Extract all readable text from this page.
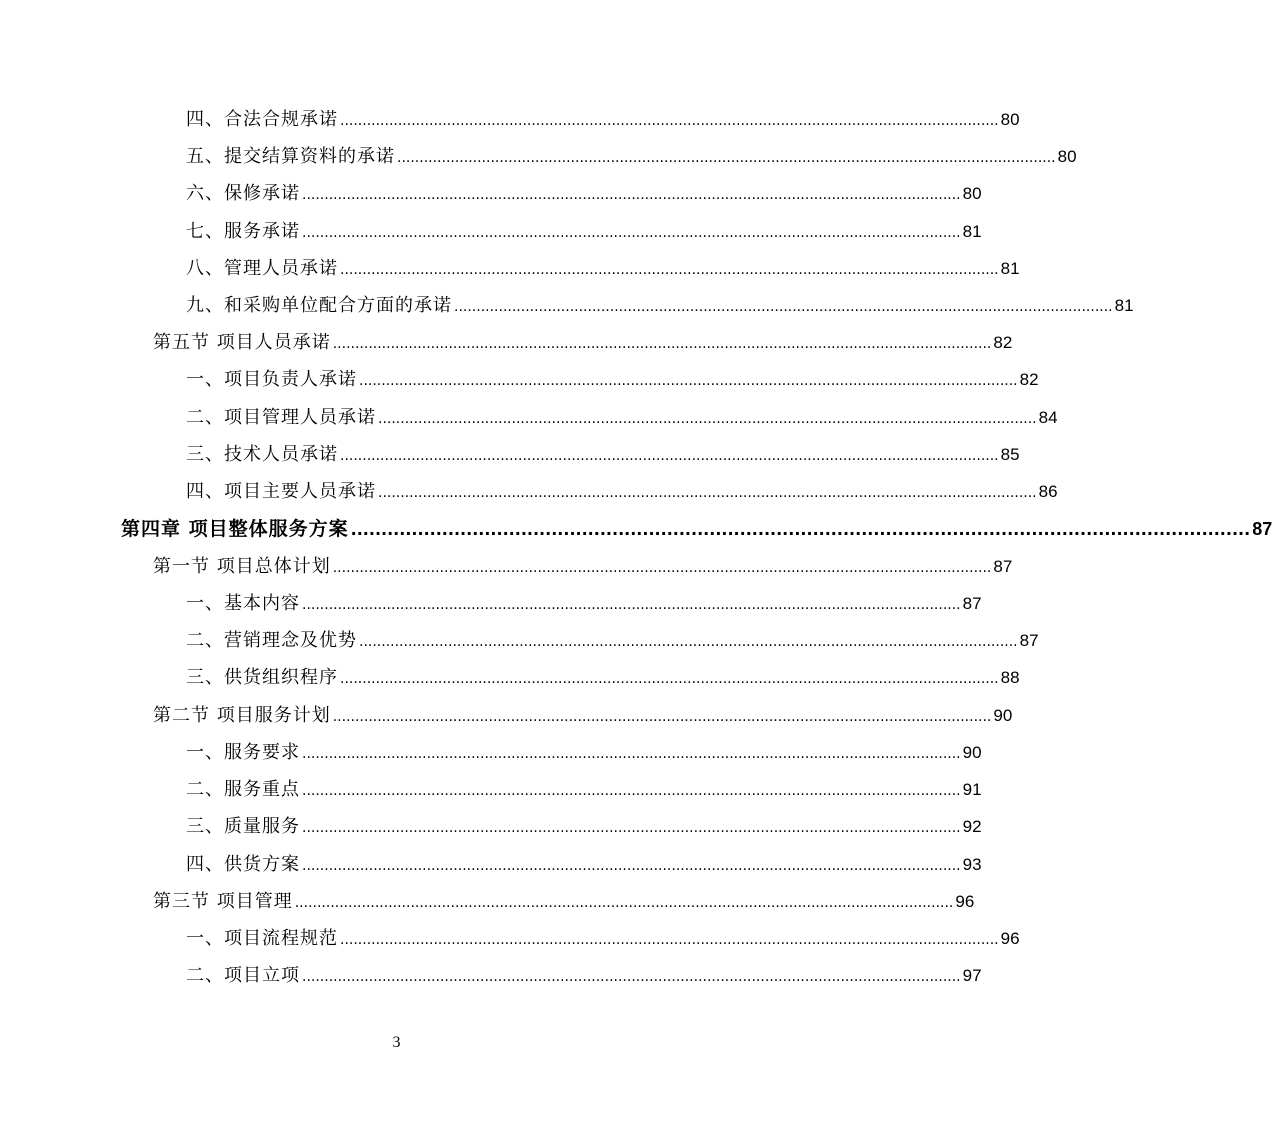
四、合法合规承诺 .................................................................................................................................................... 80
五、提交结算资料的承诺 .................................................................................................................................................... 80
六、保修承诺 .................................................................................................................................................... 80
七、服务承诺 .................................................................................................................................................... 81
八、管理人员承诺 .................................................................................................................................................... 81
九、和采购单位配合方面的承诺 .................................................................................................................................................... 81
第五节 项目人员承诺 .................................................................................................................................................... 82
一、项目负责人承诺 .................................................................................................................................................... 82
二、项目管理人员承诺 .................................................................................................................................................... 84
三、技术人员承诺 .................................................................................................................................................... 85
四、项目主要人员承诺 .................................................................................................................................................... 86
第四章 项目整体服务方案 .................................................................................................................................................... 87
第一节 项目总体计划 .................................................................................................................................................... 87
一、基本内容 .................................................................................................................................................... 87
二、营销理念及优势 .................................................................................................................................................... 87
三、供货组织程序 .................................................................................................................................................... 88
第二节 项目服务计划 .................................................................................................................................................... 90
一、服务要求 .................................................................................................................................................... 90
二、服务重点 .................................................................................................................................................... 91
三、质量服务 .................................................................................................................................................... 92
四、供货方案 .................................................................................................................................................... 93
第三节 项目管理 .................................................................................................................................................... 96
一、项目流程规范 .................................................................................................................................................... 96
二、项目立项 .................................................................................................................................................... 97
3
